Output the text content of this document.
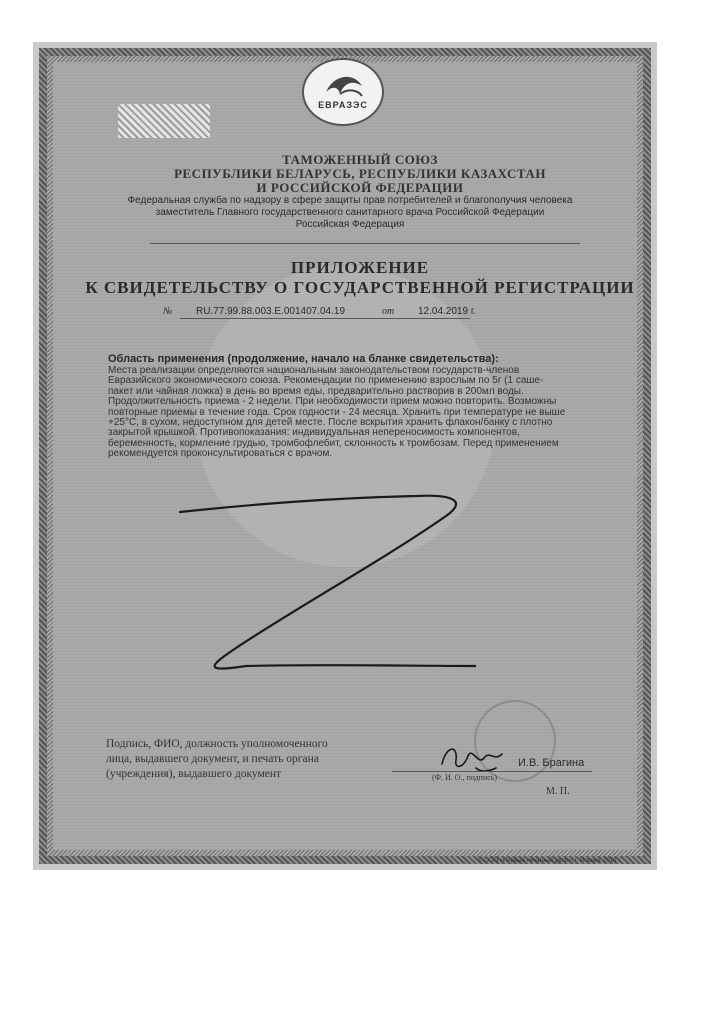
ЕВРАЗЭС
ТАМОЖЕННЫЙ СОЮЗ
РЕСПУБЛИКИ БЕЛАРУСЬ, РЕСПУБЛИКИ КАЗАХСТАН
И РОССИЙСКОЙ ФЕДЕРАЦИИ
Федеральная служба по надзору в сфере защиты прав потребителей и благополучия человека
заместитель Главного государственного санитарного врача Российской Федерации
Российская Федерация
ПРИЛОЖЕНИЕ
К СВИДЕТЕЛЬСТВУ О ГОСУДАРСТВЕННОЙ РЕГИСТРАЦИИ
№ RU.77.99.88.003.Е.001407.04.19	от 12.04.2019 г.
Область применения (продолжение, начало на бланке свидетельства):

Места реализации определяются национальным законодательством государств-членов

Евразийского экономического союза. Рекомендации по применению взрослым по 5г (1 саше-

пакет или чайная ложка) в день во время еды, предварительно растворив в 200мл воды.

Продолжительность приема - 2 недели. При необходимости прием можно повторить. Возможны

повторные приемы в течение года. Срок годности - 24 месяца. Хранить при температуре не выше

+25°C, в сухом, недоступном для детей месте. После вскрытия хранить флакон/банку с плотно

закрытой крышкой. Противопоказания: индивидуальная непереносимость компонентов,

беременность, кормление грудью, тромбофлебит, склонность к тромбозам. Перед применением

рекомендуется проконсультироваться с врачом.

Подпись, ФИО, должность уполномоченного
лица, выдавшего документ, и печать органа
(учреждения), выдавшего документ
И.В. Брагина
(Ф. И. О., подпись)
М. П.
© ООО «Первый печатный двор», г. Москва, 2019 г.
